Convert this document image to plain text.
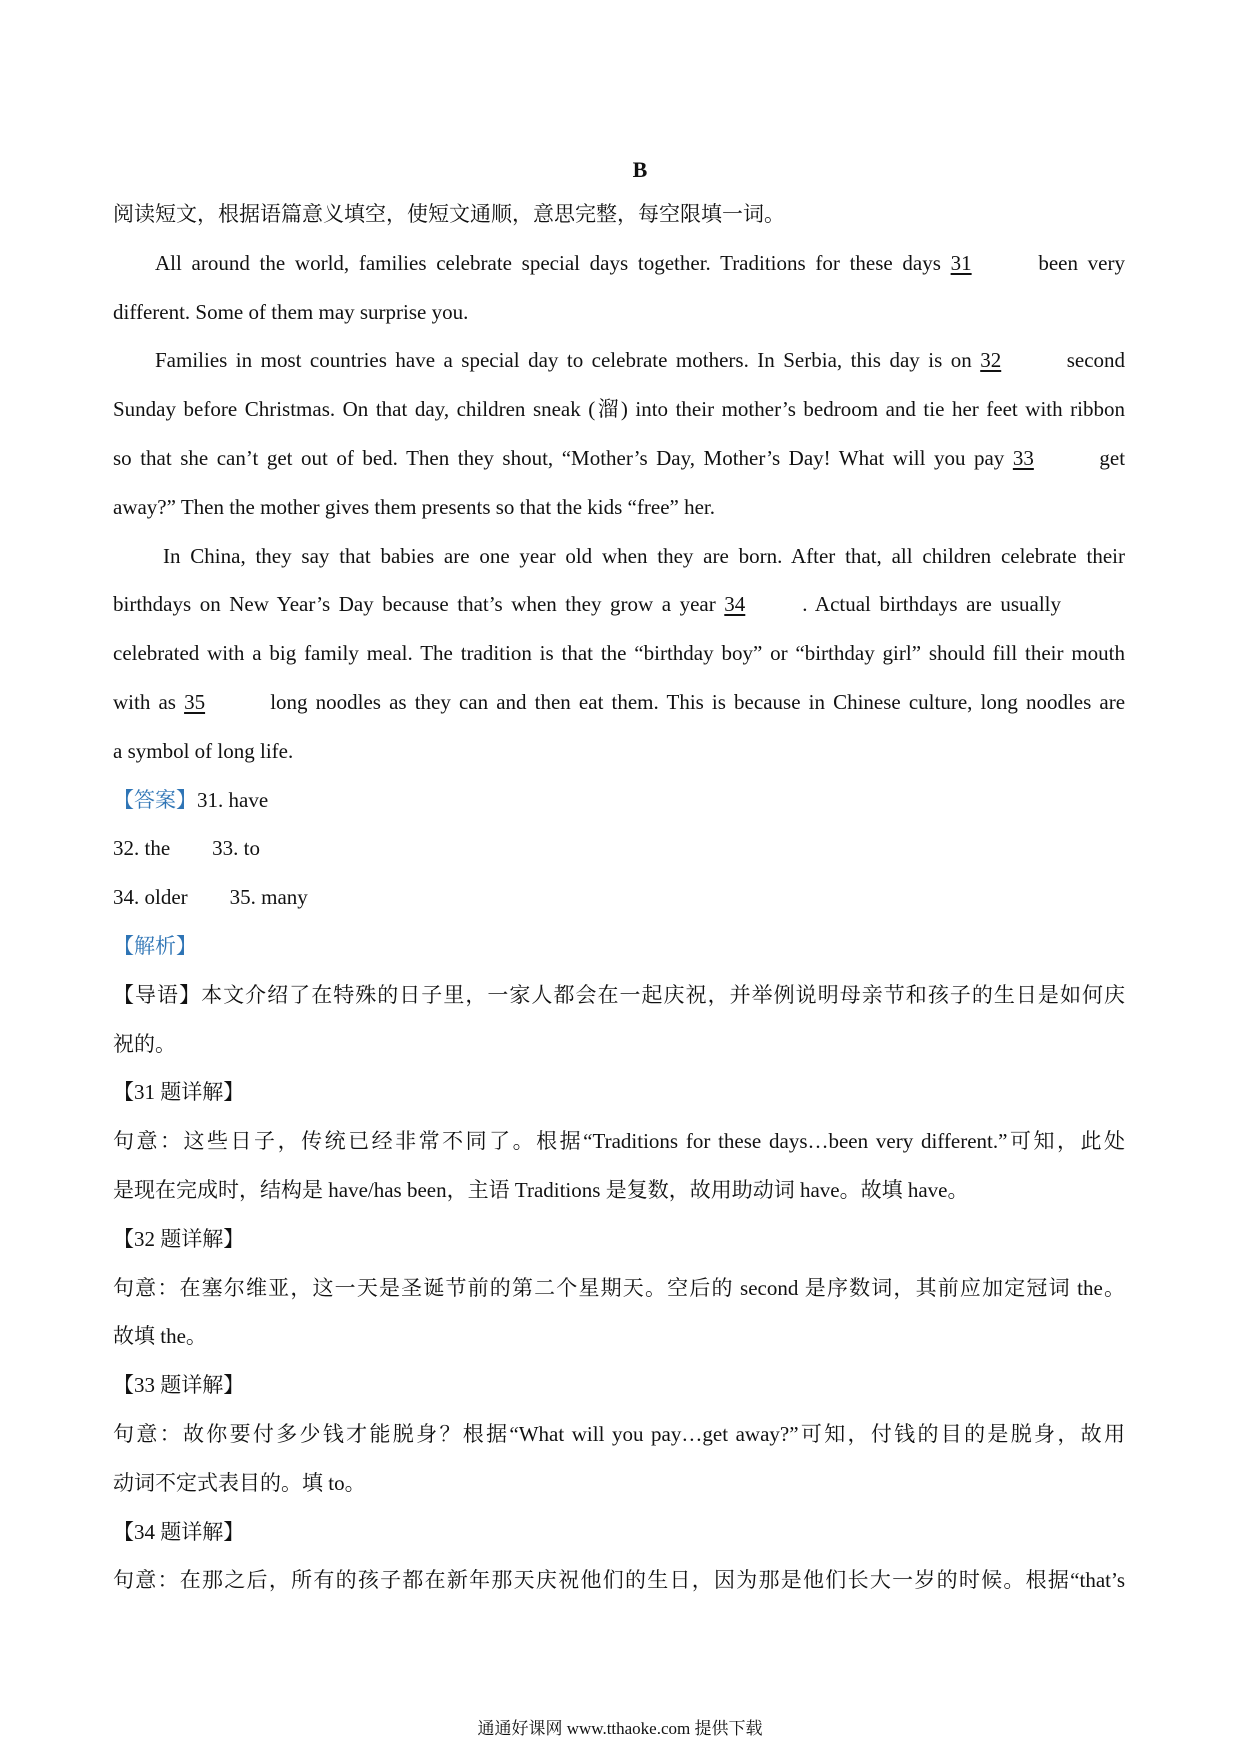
B
阅读短文，根据语篇意义填空，使短文通顺，意思完整，每空限填一词。
All around the world, families celebrate special days together. Traditions for these days 31	been very
different. Some of them may surprise you.
Families in most countries have a special day to celebrate mothers. In Serbia, this day is on 32	second
Sunday before Christmas. On that day, children sneak (溜) into their mother’s bedroom and tie her feet with ribbon
so that she can’t get out of bed. Then they shout, “Mother’s Day, Mother’s Day! What will you pay 33	get
away?” Then the mother gives them presents so that the kids “free” her.
In China, they say that babies are one year old when they are born. After that, all children celebrate their
birthdays on New Year’s Day because that’s when they grow a year 34	. Actual birthdays are usually
celebrated with a big family meal. The tradition is that the “birthday boy” or “birthday girl” should fill their mouth
with as 35	long noodles as they can and then eat them. This is because in Chinese culture, long noodles are
a symbol of long life.
【答案】31. have
32. the 33. to
34. older 35. many
【解析】
【导语】本文介绍了在特殊的日子里，一家人都会在一起庆祝，并举例说明母亲节和孩子的生日是如何庆
祝的。
【31 题详解】
句意：这些日子，传统已经非常不同了。根据“Traditions for these days…been very different.”可知，此处
是现在完成时，结构是 have/has been，主语 Traditions 是复数，故用助动词 have。故填 have。
【32 题详解】
句意：在塞尔维亚，这一天是圣诞节前的第二个星期天。空后的 second 是序数词，其前应加定冠词 the。
故填 the。
【33 题详解】
句意：故你要付多少钱才能脱身？根据“What will you pay…get away?”可知，付钱的目的是脱身，故用
动词不定式表目的。填 to。
【34 题详解】
句意：在那之后，所有的孩子都在新年那天庆祝他们的生日，因为那是他们长大一岁的时候。根据“that’s
通通好课网 www.tthaoke.com 提供下载
